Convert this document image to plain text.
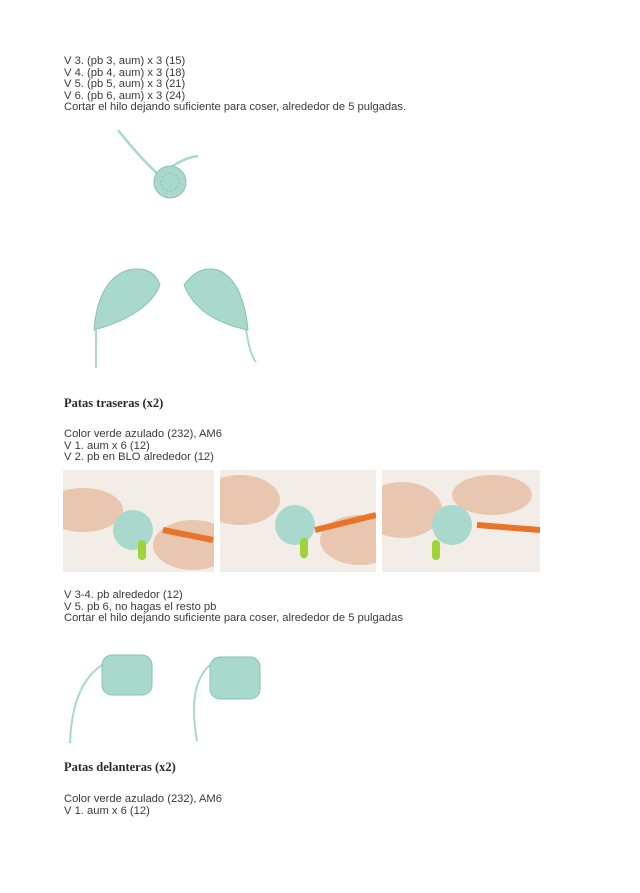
V 3. (pb 3, aum) x 3 (15)
V 4. (pb 4, aum) x 3 (18)
V 5. (pb 5, aum) x 3 (21)
V 6. (pb 6, aum) x 3 (24)
Cortar el hilo dejando suficiente para coser, alrededor de 5 pulgadas.
Patas traseras (x2)
Color verde azulado (232), AM6
V 1. aum x 6 (12)
V 2. pb en BLO alrededor (12)
V 3-4. pb alrededor (12)
V 5. pb 6, no hagas el resto pb
Cortar el hilo dejando suficiente para coser, alrededor de 5 pulgadas
Patas delanteras (x2)
Color verde azulado (232), AM6
V 1. aum x 6 (12)
